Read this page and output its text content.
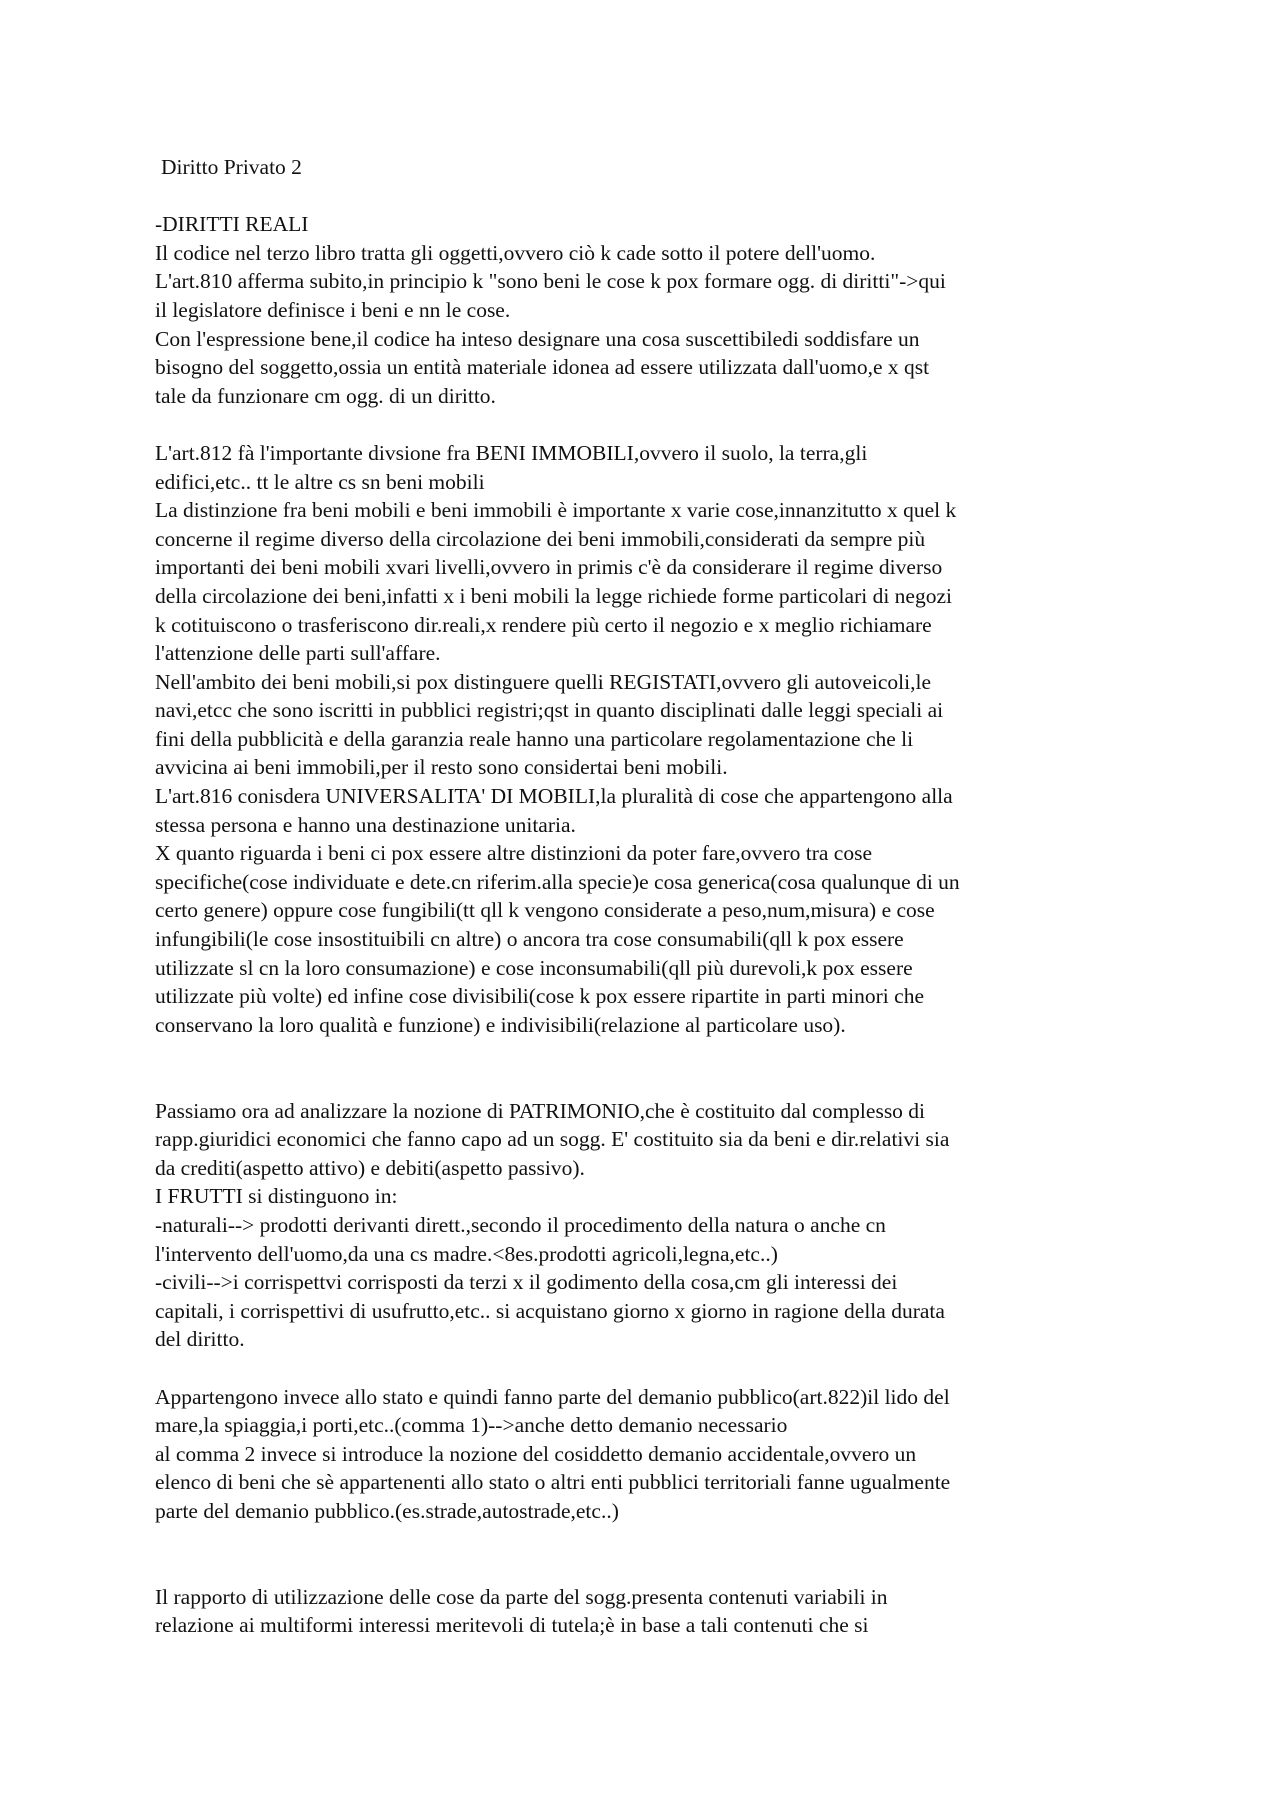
Diritto Privato 2
-DIRITTI REALI
Il codice nel terzo libro tratta gli oggetti,ovvero ciò k cade sotto il potere dell'uomo.
L'art.810 afferma subito,in principio k "sono beni le cose k pox formare ogg. di diritti"->qui
il legislatore definisce i beni e nn le cose.
Con l'espressione bene,il codice ha inteso designare una cosa suscettibiledi soddisfare un
bisogno del soggetto,ossia un entità materiale idonea ad essere utilizzata dall'uomo,e x qst
tale da funzionare cm ogg. di un diritto.
L'art.812 fà l'importante divsione fra BENI IMMOBILI,ovvero il suolo, la terra,gli
edifici,etc.. tt le altre cs sn beni mobili
La distinzione fra beni mobili e beni immobili è importante x varie cose,innanzitutto x quel k
concerne il regime diverso della circolazione dei beni immobili,considerati da sempre più
importanti dei beni mobili xvari livelli,ovvero in primis c'è da considerare il regime diverso
della circolazione dei beni,infatti x i beni mobili la legge richiede forme particolari di negozi
k cotituiscono o trasferiscono dir.reali,x rendere più certo il negozio e x meglio richiamare
l'attenzione delle parti sull'affare.
Nell'ambito dei beni mobili,si pox distinguere quelli REGISTATI,ovvero gli autoveicoli,le
navi,etcc che sono iscritti in pubblici registri;qst in quanto disciplinati dalle leggi speciali ai
fini della pubblicità e della garanzia reale hanno una particolare regolamentazione che li
avvicina ai beni immobili,per il resto sono considertai beni mobili.
L'art.816 conisdera UNIVERSALITA' DI MOBILI,la pluralità di cose che appartengono alla
stessa persona e hanno una destinazione unitaria.
X quanto riguarda i beni ci pox essere altre distinzioni da poter fare,ovvero tra cose
specifiche(cose individuate e dete.cn riferim.alla specie)e cosa generica(cosa qualunque di un
certo genere) oppure cose fungibili(tt qll k vengono considerate a peso,num,misura) e cose
infungibili(le cose insostituibili cn altre) o ancora tra cose consumabili(qll k pox essere
utilizzate sl cn la loro consumazione) e cose inconsumabili(qll più durevoli,k pox essere
utilizzate più volte) ed infine cose divisibili(cose k pox essere ripartite in parti minori che
conservano la loro qualità e funzione) e indivisibili(relazione al particolare uso).
Passiamo ora ad analizzare la nozione di PATRIMONIO,che è costituito dal complesso di
rapp.giuridici economici che fanno capo ad un sogg. E' costituito sia da beni e dir.relativi sia
da crediti(aspetto attivo) e debiti(aspetto passivo).
I FRUTTI si distinguono in:
-naturali--> prodotti derivanti dirett.,secondo il procedimento della natura o anche cn
l'intervento dell'uomo,da una cs madre.<8es.prodotti agricoli,legna,etc..)
-civili-->i corrispettvi corrisposti da terzi x il godimento della cosa,cm gli interessi dei
capitali, i corrispettivi di usufrutto,etc.. si acquistano giorno x giorno in ragione della durata
del diritto.
Appartengono invece allo stato e quindi fanno parte del demanio pubblico(art.822)il lido del
mare,la spiaggia,i porti,etc..(comma 1)-->anche detto demanio necessario
al comma 2 invece si introduce la nozione del cosiddetto demanio accidentale,ovvero un
elenco di beni che sè appartenenti allo stato o altri enti pubblici territoriali fanne ugualmente
parte del demanio pubblico.(es.strade,autostrade,etc..)
Il rapporto di utilizzazione delle cose da parte del sogg.presenta contenuti variabili in
relazione ai multiformi interessi meritevoli di tutela;è in base a tali contenuti che si
